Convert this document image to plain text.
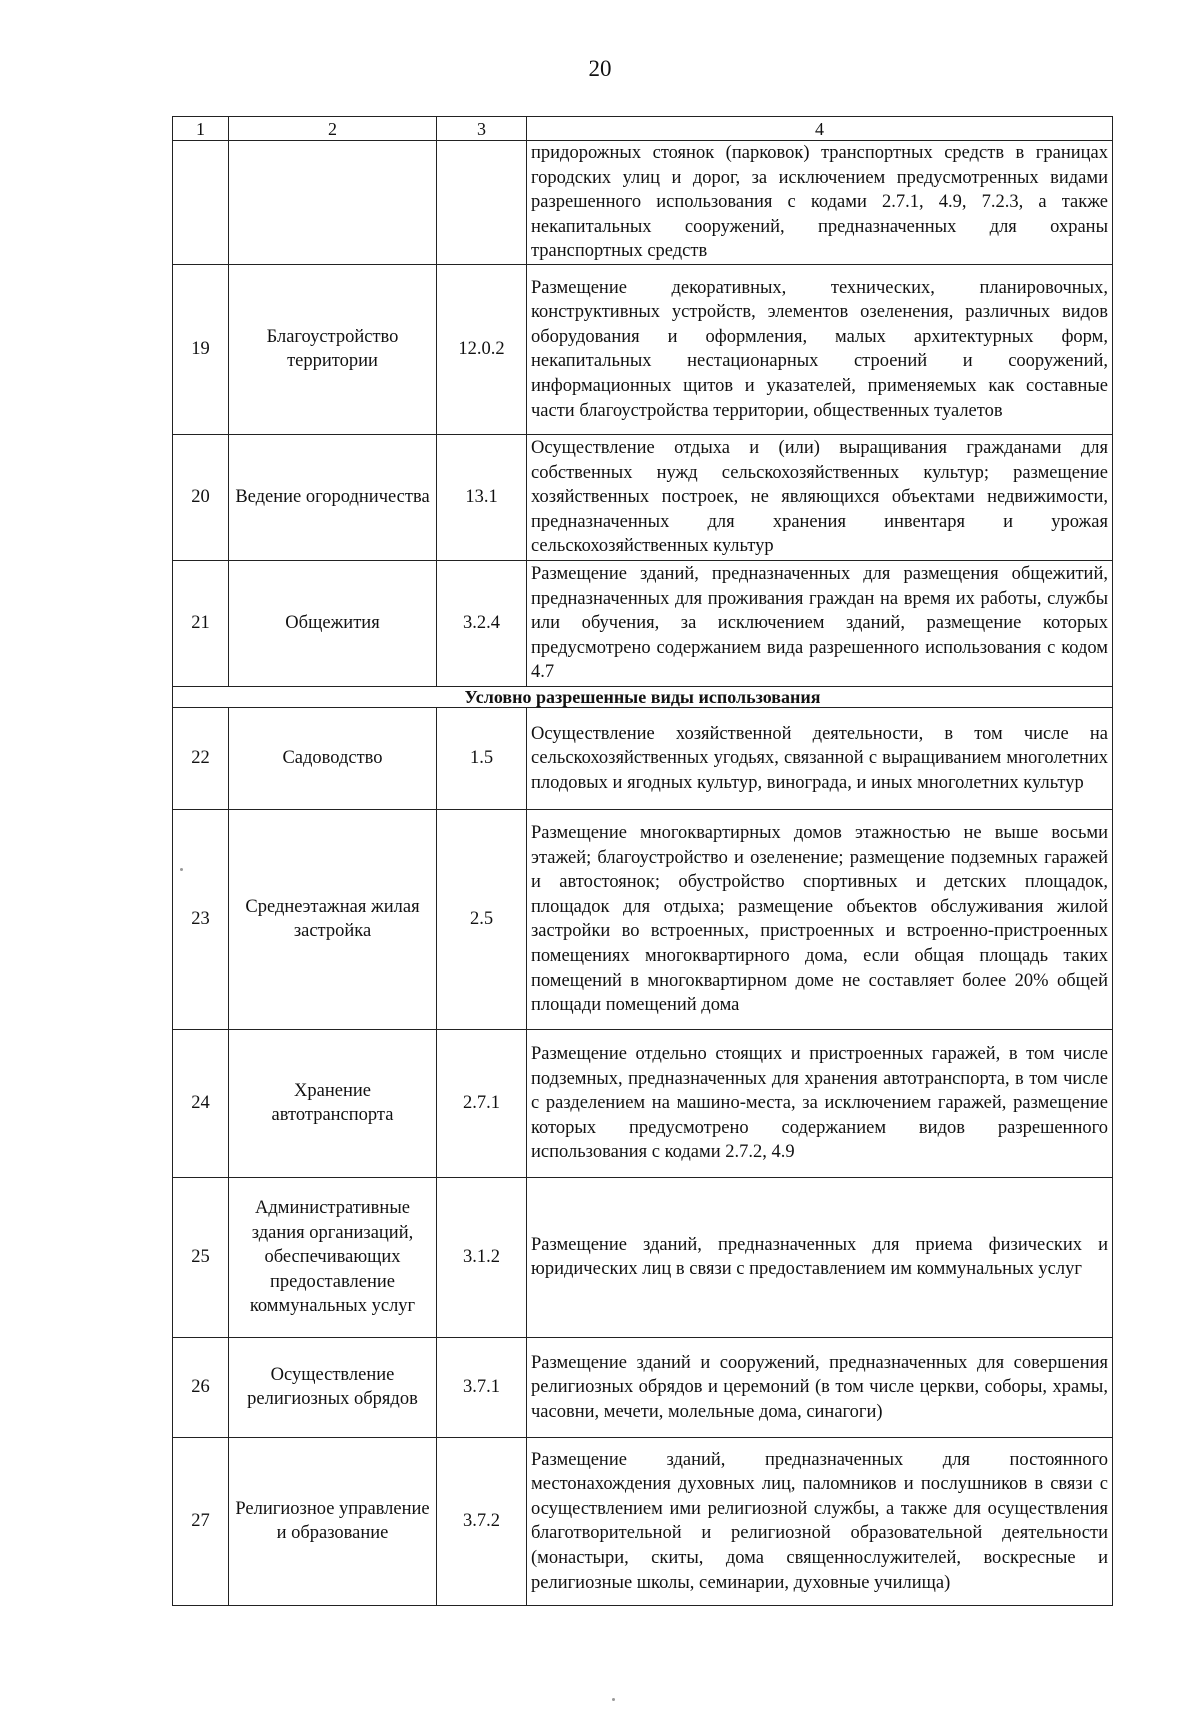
20
1	2	3	4
			придорожных стоянок (парковок) транспортных средств в границах городских улиц и дорог, за исключением предусмотренных видами разрешенного использования с кодами 2.7.1, 4.9, 7.2.3, а также некапитальных сооружений, предназначенных для охраны транспортных средств
19	Благоустройство территории	12.0.2	Размещение декоративных, технических, планировочных, конструктивных устройств, элементов озеленения, различных видов оборудования и оформления, малых архитектурных форм, некапитальных нестационарных строений и сооружений, информационных щитов и указателей, применяемых как составные части благоустройства территории, общественных туалетов
20	Ведение огородничества	13.1	Осуществление отдыха и (или) выращивания гражданами для собственных нужд сельскохозяйственных культур; размещение хозяйственных построек, не являющихся объектами недвижимости, предназначенных для хранения инвентаря и урожая сельскохозяйственных культур
21	Общежития	3.2.4	Размещение зданий, предназначенных для размещения общежитий, предназначенных для проживания граждан на время их работы, службы или обучения, за исключением зданий, размещение которых предусмотрено содержанием вида разрешенного использования с кодом 4.7
Условно разрешенные виды использования			
22	Садоводство	1.5	Осуществление хозяйственной деятельности, в том числе на сельскохозяйственных угодьях, связанной с выращиванием многолетних плодовых и ягодных культур, винограда, и иных многолетних культур
23	Среднеэтажная жилая застройка	2.5	Размещение многоквартирных домов этажностью не выше восьми этажей; благоустройство и озеленение; размещение подземных гаражей и автостоянок; обустройство спортивных и детских площадок, площадок для отдыха; размещение объектов обслуживания жилой застройки во встроенных, пристроенных и встроенно-пристроенных помещениях многоквартирного дома, если общая площадь таких помещений в многоквартирном доме не составляет более 20% общей площади помещений дома
24	Хранение автотранспорта	2.7.1	Размещение отдельно стоящих и пристроенных гаражей, в том числе подземных, предназначенных для хранения автотранспорта, в том числе с разделением на машино-места, за исключением гаражей, размещение которых предусмотрено содержанием видов разрешенного использования с кодами 2.7.2, 4.9
25	Административные здания организаций, обеспечивающих предоставление коммунальных услуг	3.1.2	Размещение зданий, предназначенных для приема физических и юридических лиц в связи с предоставлением им коммунальных услуг
26	Осуществление религиозных обрядов	3.7.1	Размещение зданий и сооружений, предназначенных для совершения религиозных обрядов и церемоний (в том числе церкви, соборы, храмы, часовни, мечети, молельные дома, синагоги)
27	Религиозное управление и образование	3.7.2	Размещение зданий, предназначенных для постоянного местонахождения духовных лиц, паломников и послушников в связи с осуществлением ими религиозной службы, а также для осуществления благотворительной и религиозной образовательной деятельности (монастыри, скиты, дома священнослужителей, воскресные и религиозные школы, семинарии, духовные училища)
